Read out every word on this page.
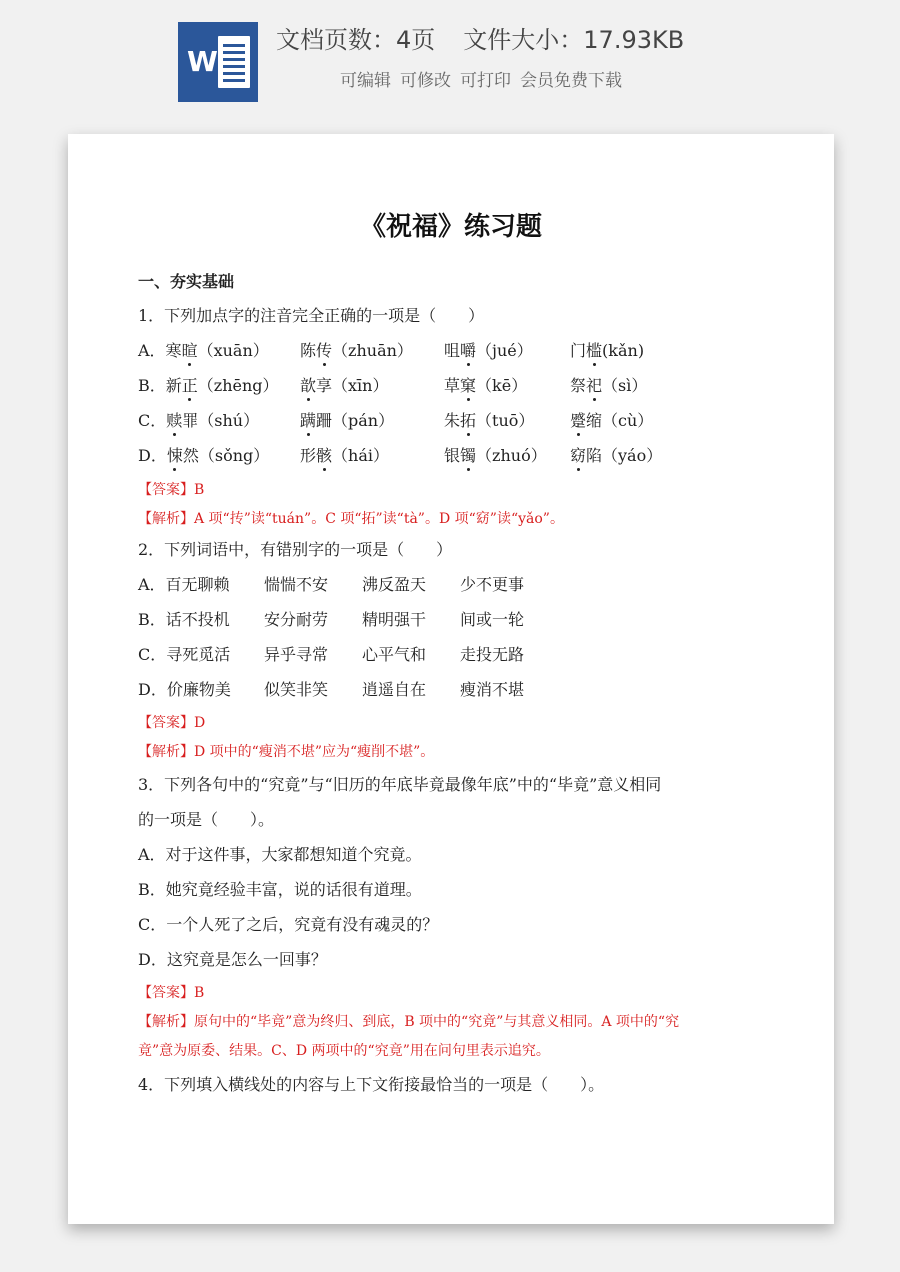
W
文档页数：4页 文件大小：17.93KB
可编辑 可修改 可打印 会员免费下载
《祝福》练习题
一、夯实基础
1．下列加点字的注音完全正确的一项是（　　）
A．寒暄（xuān） 陈传（zhuān） 咀嚼（jué） 门槛(kǎn)
B．新正（zhēng） 歆享（xīn）	草窠（kē）	祭祀（sì）
C．赎罪（shú）	蹒跚（pán）	朱拓（tuō） 蹙缩（cù）
D．悚然（sǒng） 形骸（hái）	银镯（zhuó） 窈陷（yáo）
【答案】B
【解析】A 项“抟”读“tuán”。C 项“拓”读“tà”。D 项“窈”读“yǎo”。
2．下列词语中，有错别字的一项是（　　）
A．百无聊赖 惴惴不安 沸反盈天 少不更事
B．话不投机 安分耐劳 精明强干 间或一轮
C．寻死觅活 异乎寻常 心平气和 走投无路
D．价廉物美 似笑非笑 逍遥自在 瘦消不堪
【答案】D
【解析】D 项中的“瘦消不堪”应为“瘦削不堪”。
3．下列各句中的“究竟”与“旧历的年底毕竟最像年底”中的“毕竟”意义相同
的一项是（　　）。
A．对于这件事，大家都想知道个究竟。
B．她究竟经验丰富，说的话很有道理。
C．一个人死了之后，究竟有没有魂灵的？
D．这究竟是怎么一回事？
【答案】B
【解析】原句中的“毕竟”意为终归、到底，B 项中的“究竟”与其意义相同。A 项中的“究
竟”意为原委、结果。C、D 两项中的“究竟”用在问句里表示追究。
4．下列填入横线处的内容与上下文衔接最恰当的一项是（　　）。
